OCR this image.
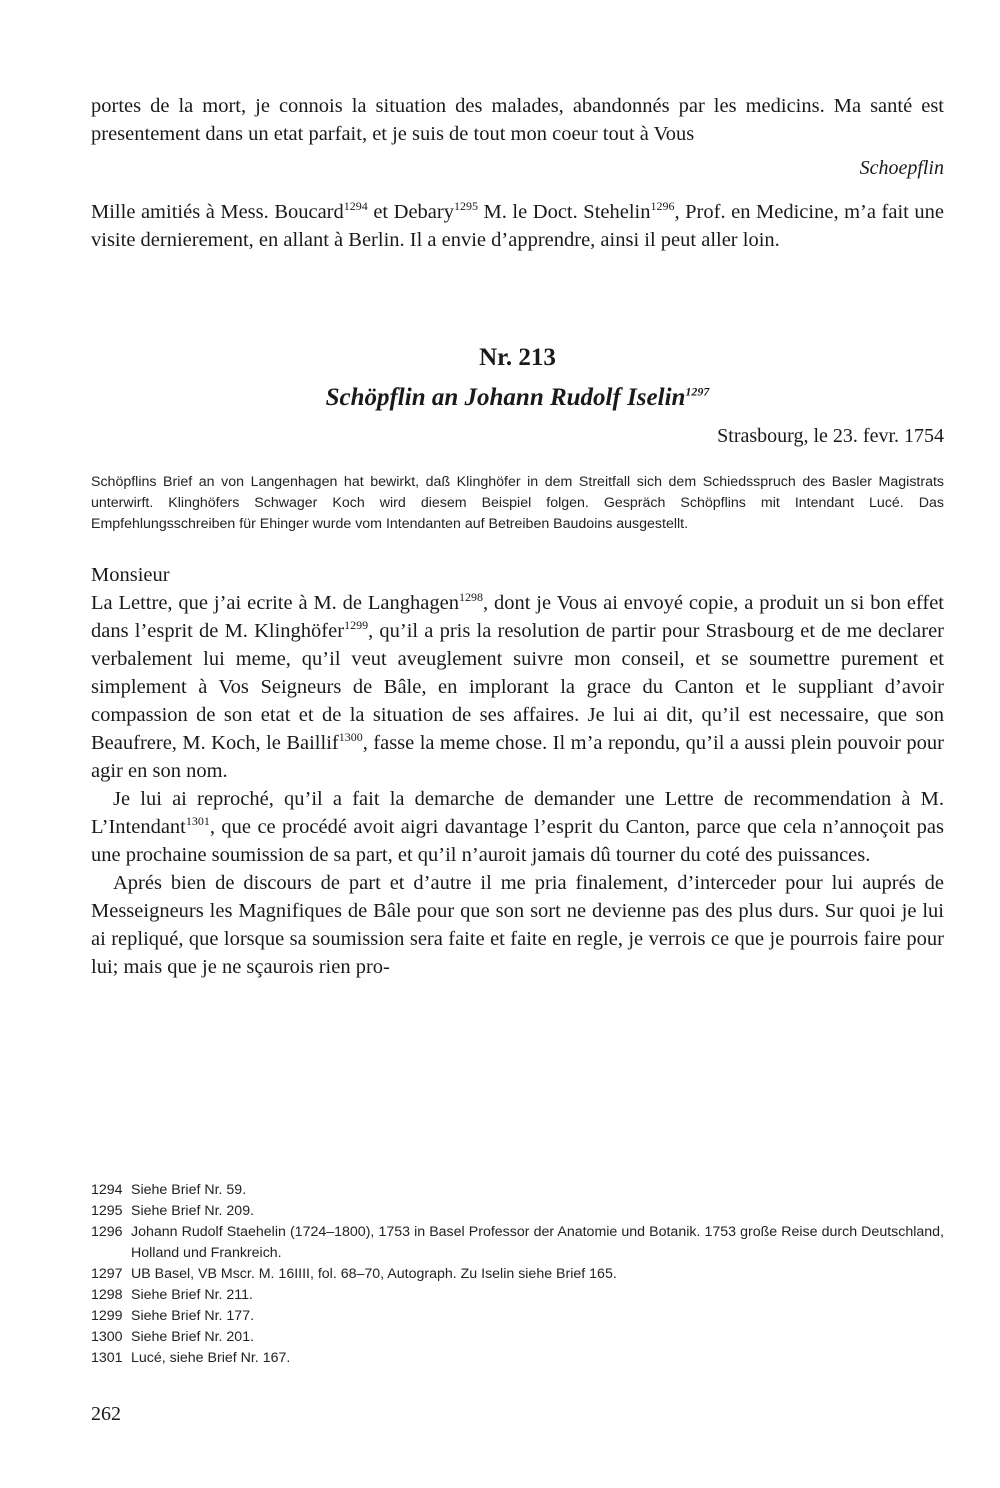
portes de la mort, je connois la situation des malades, abandonnés par les medicins. Ma santé est presentement dans un etat parfait, et je suis de tout mon coeur tout à Vous

Schoepflin

Mille amitiés à Mess. Boucard$^{1294}$ et Debary$^{1295}$ M. le Doct. Stehelin$^{1296}$, Prof. en Medicine, m’a fait une visite dernierement, en allant à Berlin. Il a envie d’apprendre, ainsi il peut aller loin.

Nr. 213
Schöpflin an Johann Rudolf Iselin$^{1297}$

Strasbourg, le 23. fevr. 1754

Schöpflins Brief an von Langenhagen hat bewirkt, daß Klinghöfer in dem Streitfall sich dem Schiedsspruch des Basler Magistrats unterwirft. Klinghöfers Schwager Koch wird diesem Beispiel folgen. Gespräch Schöpflins mit Intendant Lucé. Das Empfehlungsschreiben für Ehinger wurde vom Intendanten auf Betreiben Baudoins ausgestellt.

Monsieur

La Lettre, que j’ai ecrite à M. de Langhagen$^{1298}$, dont je Vous ai envoyé copie, a produit un si bon effet dans l’esprit de M. Klinghöfer$^{1299}$, qu’il a pris la resolution de partir pour Strasbourg et de me declarer verbalement lui meme, qu’il veut aveuglement suivre mon conseil, et se soumettre purement et simplement à Vos Seigneurs de Bâle, en implorant la grace du Canton et le suppliant d’avoir compassion de son etat et de la situation de ses affaires. Je lui ai dit, qu’il est necessaire, que son Beaufrere, M. Koch, le Baillif$^{1300}$, fasse la meme chose. Il m’a repondu, qu’il a aussi plein pouvoir pour agir en son nom.

Je lui ai reproché, qu’il a fait la demarche de demander une Lettre de recommendation à M. L’Intendant$^{1301}$, que ce procédé avoit aigri davantage l’esprit du Canton, parce que cela n’annoçoit pas une prochaine soumission de sa part, et qu’il n’auroit jamais dû tourner du coté des puissances.

Aprés bien de discours de part et d’autre il me pria finalement, d’interceder pour lui auprés de Messeigneurs les Magnifiques de Bâle pour que son sort ne devienne pas des plus durs. Sur quoi je lui ai repliqué, que lorsque sa soumission sera faite et faite en regle, je verrois ce que je pourrois faire pour lui; mais que je ne sçaurois rien pro-

1294 Siehe Brief Nr. 59.
1295 Siehe Brief Nr. 209.
1296 Johann Rudolf Staehelin (1724–1800), 1753 in Basel Professor der Anatomie und Botanik. 1753 große Reise durch Deutschland, Holland und Frankreich.
1297 UB Basel, VB Mscr. M. 16IIII, fol. 68–70, Autograph. Zu Iselin siehe Brief 165.
1298 Siehe Brief Nr. 211.
1299 Siehe Brief Nr. 177.
1300 Siehe Brief Nr. 201.
1301 Lucé, siehe Brief Nr. 167.
262
